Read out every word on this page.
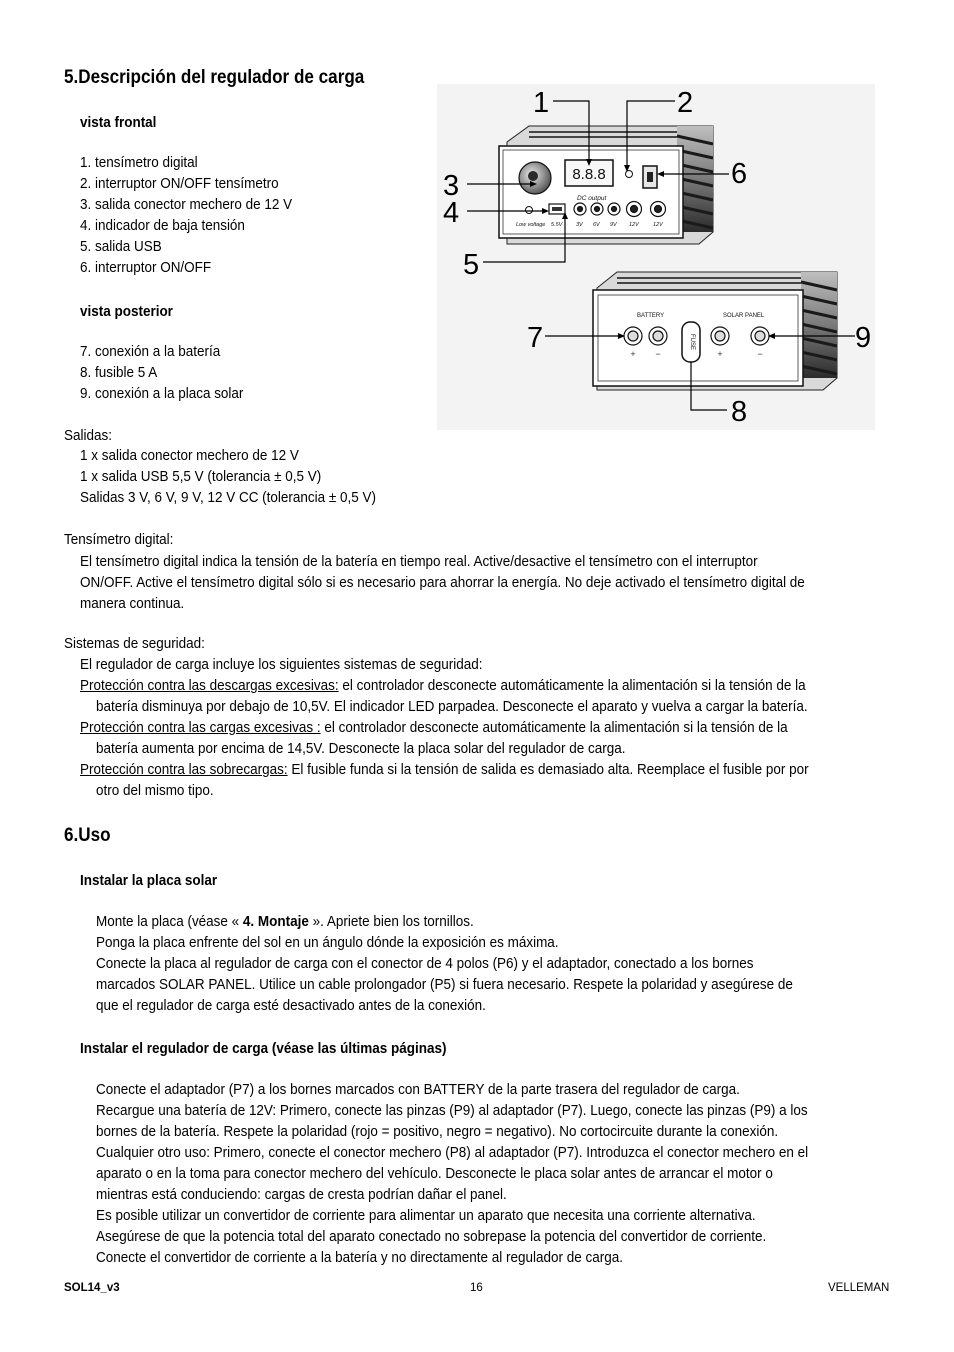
5.Descripción del regulador de carga
vista frontal
1. tensímetro digital
2. interruptor ON/OFF tensímetro
3. salida conector mechero de 12 V
4. indicador de baja tensión
5. salida USB
6. interruptor ON/OFF
vista posterior
7. conexión a la batería
8. fusible 5 A
9. conexión a la placa solar
Salidas:
1 x salida conector mechero de 12 V
1 x salida USB 5,5 V (tolerancia ± 0,5 V)
Salidas 3 V, 6 V, 9 V, 12 V CC (tolerancia ± 0,5 V)
Tensímetro digital:
El tensímetro digital indica la tensión de la batería en tiempo real. Active/desactive el tensímetro con el interruptor
ON/OFF. Active el tensímetro digital sólo si es necesario para ahorrar la energía. No deje activado el tensímetro digital de
manera continua.
Sistemas de seguridad:
El regulador de carga incluye los siguientes sistemas de seguridad:
Protección contra las descargas excesivas: el controlador desconecte automáticamente la alimentación si la tensión de la
batería disminuya por debajo de 10,5V. El indicador LED parpadea. Desconecte el aparato y vuelva a cargar la batería.
Protección contra las cargas excesivas : el controlador desconecte automáticamente la alimentación si la tensión de la
batería aumenta por encima de 14,5V. Desconecte la placa solar del regulador de carga.
Protección contra las sobrecargas: El fusible funda si la tensión de salida es demasiado alta. Reemplace el fusible por por
otro del mismo tipo.
8.8.8
DC output
Low voltage 5.5V 3V 6V 9V 12V	12V
BATTERY	SOLAR PANEL
FUSE
+ −	+	−
1	2
3
4
5
6
7
8
9
6.Uso
Instalar la placa solar
Monte la placa (véase « 4. Montaje ». Apriete bien los tornillos.
Ponga la placa enfrente del sol en un ángulo dónde la exposición es máxima.
Conecte la placa al regulador de carga con el conector de 4 polos (P6) y el adaptador, conectado a los bornes
marcados SOLAR PANEL. Utilice un cable prolongador (P5) si fuera necesario. Respete la polaridad y asegúrese de
que el regulador de carga esté desactivado antes de la conexión.
Instalar el regulador de carga (véase las últimas páginas)
Conecte el adaptador (P7) a los bornes marcados con BATTERY de la parte trasera del regulador de carga.
Recargue una batería de 12V: Primero, conecte las pinzas (P9) al adaptador (P7). Luego, conecte las pinzas (P9) a los
bornes de la batería. Respete la polaridad (rojo = positivo, negro = negativo). No cortocircuite durante la conexión.
Cualquier otro uso: Primero, conecte el conector mechero (P8) al adaptador (P7). Introduzca el conector mechero en el
aparato o en la toma para conector mechero del vehículo. Desconecte le placa solar antes de arrancar el motor o
mientras está conduciendo: cargas de cresta podrían dañar el panel.
Es posible utilizar un convertidor de corriente para alimentar un aparato que necesita una corriente alternativa.
Asegúrese de que la potencia total del aparato conectado no sobrepase la potencia del convertidor de corriente.
Conecte el convertidor de corriente a la batería y no directamente al regulador de carga.
SOL14_v3	16	VELLEMAN
